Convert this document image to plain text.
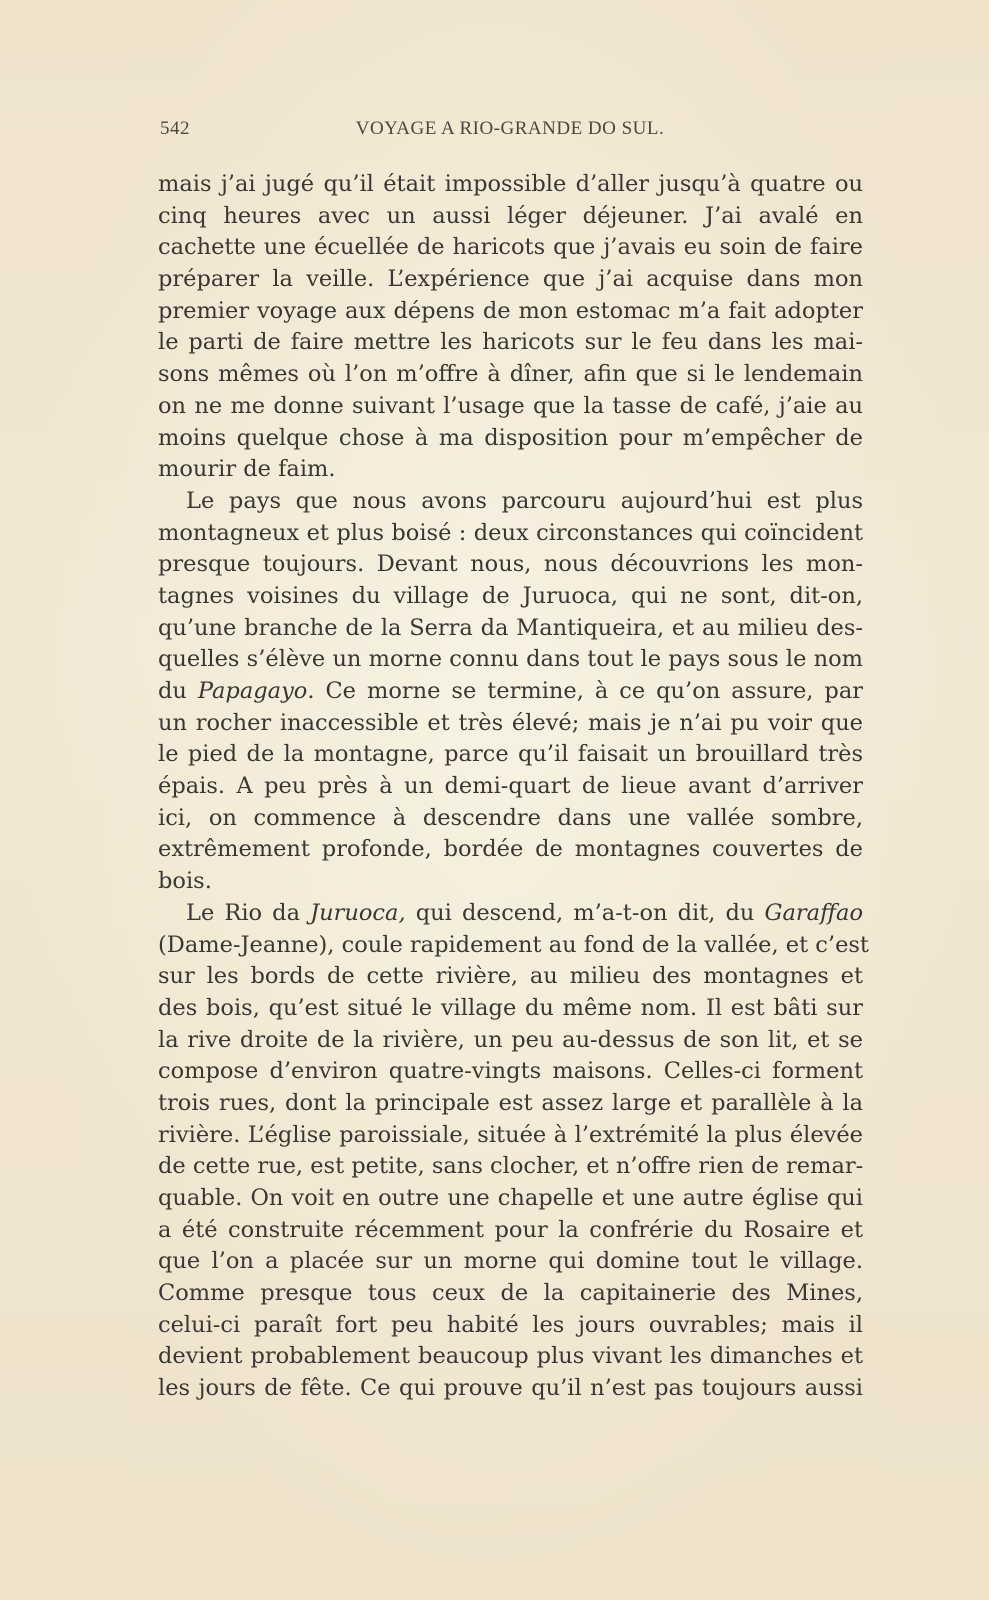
542	VOYAGE A RIO-GRANDE DO SUL.
mais j’ai jugé qu’il était impossible d’aller jusqu’à quatre ou
cinq heures avec un aussi léger déjeuner. J’ai avalé en
cachette une écuellée de haricots que j’avais eu soin de faire
préparer la veille. L’expérience que j’ai acquise dans mon
premier voyage aux dépens de mon estomac m’a fait adopter
le parti de faire mettre les haricots sur le feu dans les mai-
sons mêmes où l’on m’offre à dîner, afin que si le lendemain
on ne me donne suivant l’usage que la tasse de café, j’aie au
moins quelque chose à ma disposition pour m’empêcher de
mourir de faim.
Le pays que nous avons parcouru aujourd’hui est plus
montagneux et plus boisé : deux circonstances qui coïncident
presque toujours. Devant nous, nous découvrions les mon-
tagnes voisines du village de Juruoca, qui ne sont, dit-on,
qu’une branche de la Serra da Mantiqueira, et au milieu des-
quelles s’élève un morne connu dans tout le pays sous le nom
du Papagayo. Ce morne se termine, à ce qu’on assure, par
un rocher inaccessible et très élevé; mais je n’ai pu voir que
le pied de la montagne, parce qu’il faisait un brouillard très
épais. A peu près à un demi-quart de lieue avant d’arriver
ici, on commence à descendre dans une vallée sombre,
extrêmement profonde, bordée de montagnes couvertes de
bois.
Le Rio da Juruoca, qui descend, m’a-t-on dit, du Garaffao
(Dame-Jeanne), coule rapidement au fond de la vallée, et c’est
sur les bords de cette rivière, au milieu des montagnes et
des bois, qu’est situé le village du même nom. Il est bâti sur
la rive droite de la rivière, un peu au-dessus de son lit, et se
compose d’environ quatre-vingts maisons. Celles-ci forment
trois rues, dont la principale est assez large et parallèle à la
rivière. L’église paroissiale, située à l’extrémité la plus élevée
de cette rue, est petite, sans clocher, et n’offre rien de remar-
quable. On voit en outre une chapelle et une autre église qui
a été construite récemment pour la confrérie du Rosaire et
que l’on a placée sur un morne qui domine tout le village.
Comme presque tous ceux de la capitainerie des Mines,
celui-ci paraît fort peu habité les jours ouvrables; mais il
devient probablement beaucoup plus vivant les dimanches et
les jours de fête. Ce qui prouve qu’il n’est pas toujours aussi
